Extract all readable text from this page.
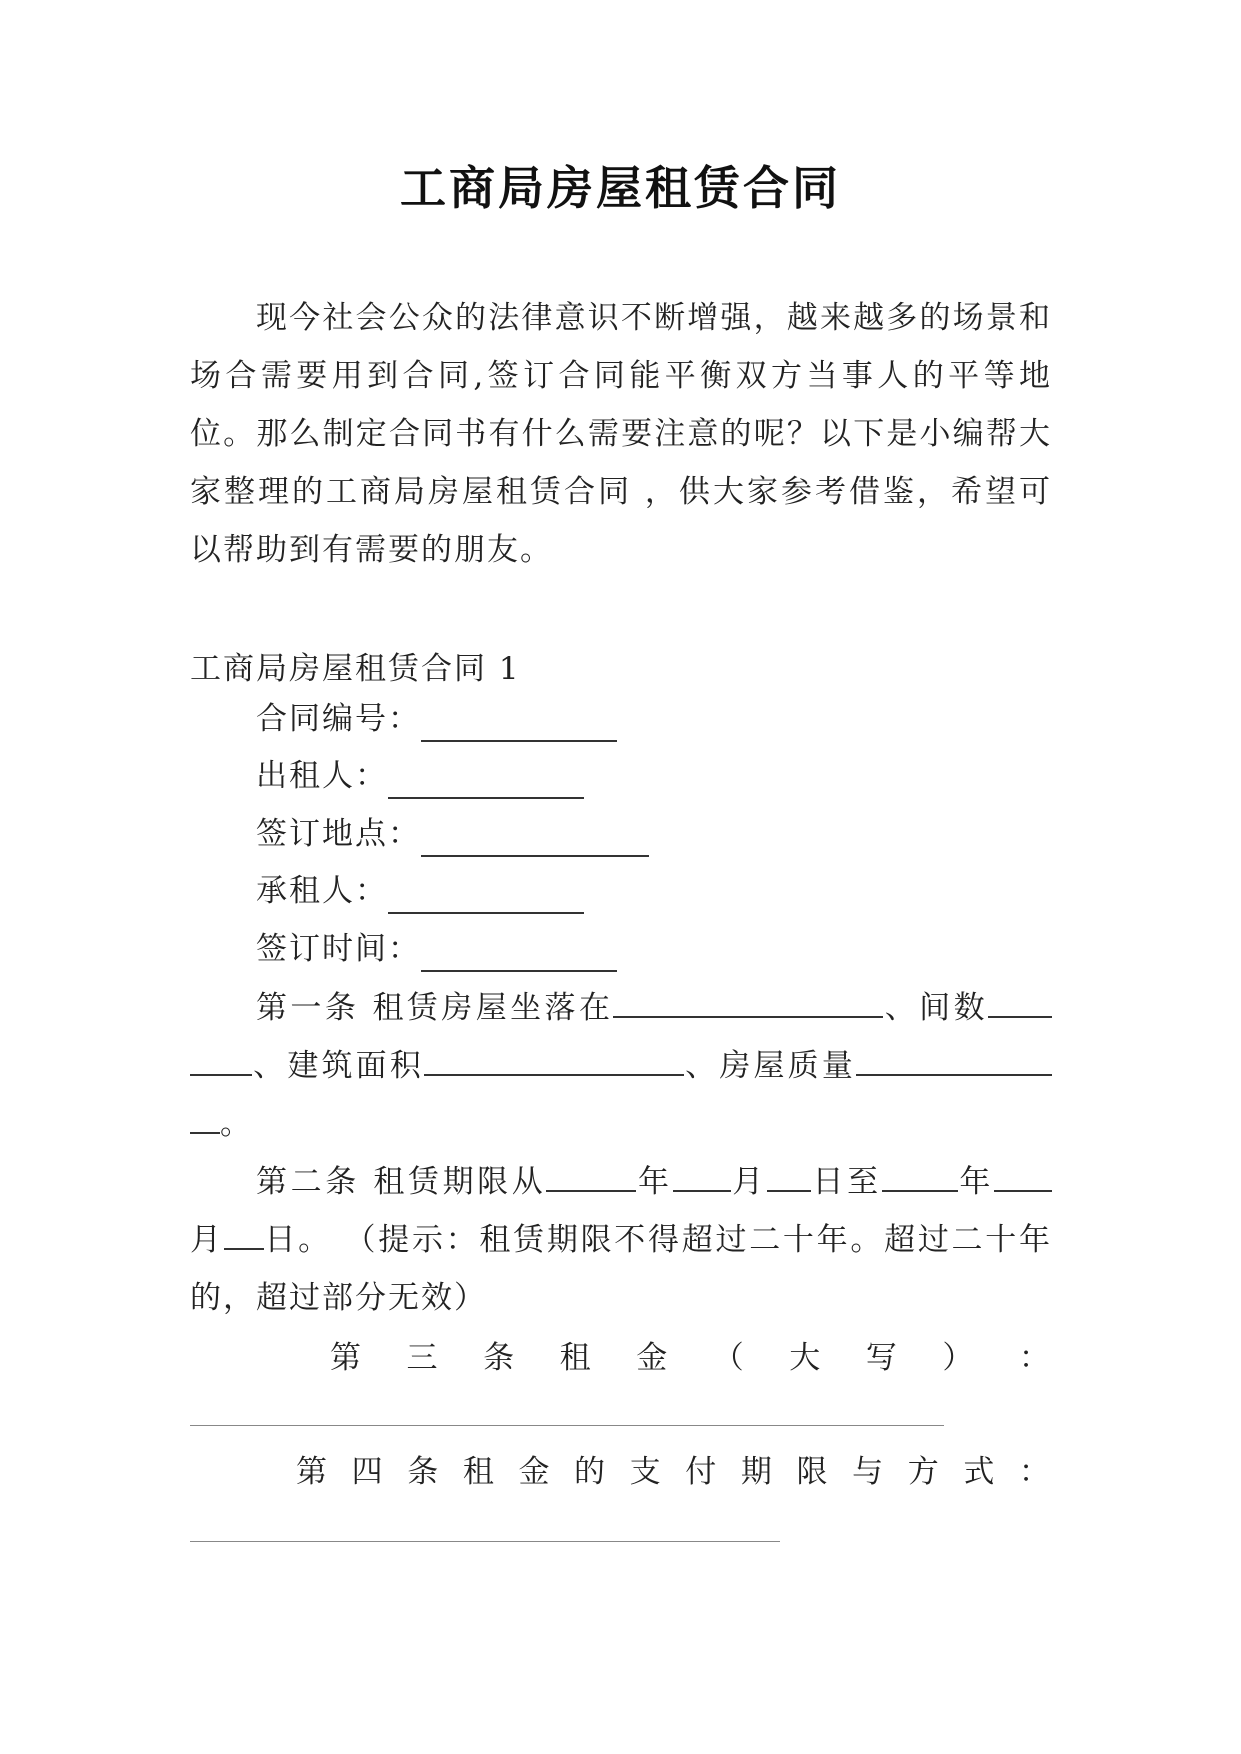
工商局房屋租赁合同

现今社会公众的法律意识不断增强，越来越多的场景和场合需要用到合同,签订合同能平衡双方当事人的平等地位。那么制定合同书有什么需要注意的呢？以下是小编帮大家整理的工商局房屋租赁合同 ，供大家参考借鉴，希望可以帮助到有需要的朋友。

工商局房屋租赁合同 1
合同编号：
出租人：
签订地点：
承租人：
签订时间：

第一条 租赁房屋坐落在	、间数 、建筑面积	、房屋质量 。

第二条 租赁期限从	年 月 日至 年月 日。 （提示：租赁期限不得超过二十年。超过二十年的，超过部分无效）

第 三 条 租 金 （ 大 写 ） ：
第 四 条 租 金 的 支 付 期 限 与 方 式 ：
